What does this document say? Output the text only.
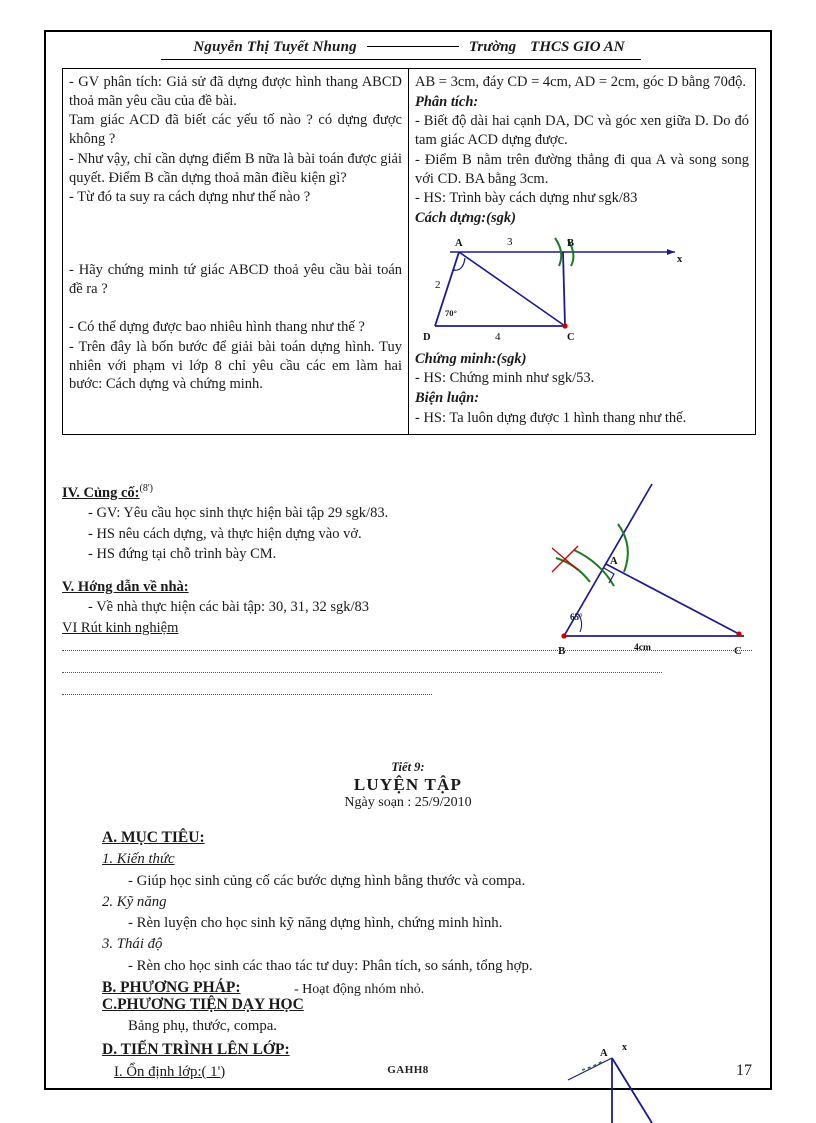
Nguyễn Thị Tuyết Nhung	Trường THCS GIO AN

- GV phân tích: Giả sử đã dựng được hình thang ABCD thoả mãn yêu cầu của đề bài.

Tam giác ACD đã biết các yếu tố nào ? có dựng được không ?

- Như vậy, chỉ cần dựng điểm B nữa là bài toán được giải quyết. Điểm B cần dựng thoả mãn điều kiện gì?

- Từ đó ta suy ra cách dựng như thế nào ?

- Hãy chứng minh tứ giác ABCD thoả yêu cầu bài toán đề ra ?

- Có thể dựng được bao nhiêu hình thang như thế ?

- Trên đây là bốn bước để giải bài toán dựng hình. Tuy nhiên với phạm vi lớp 8 chỉ yêu cầu các em làm hai bước: Cách dựng và chứng minh.

AB = 3cm, đáy CD = 4cm, AD = 2cm, góc D bằng 70độ.

Phân tích:

- Biết độ dài hai cạnh DA, DC và góc xen giữa D. Do đó tam giác ACD dựng được.

- Điểm B nằm trên đường thẳng đi qua A và song song với CD. BA bằng 3cm.

- HS: Trình bày cách dựng như sgk/83

Cách dựng:(sgk)

A	B
C
D
x
3
2
4
70°

Chứng minh:(sgk)

- HS: Chứng minh như sgk/53.

Biện luận:

- HS: Ta luôn dựng được 1 hình thang như thế.

IV. Củng cố:$^{(8')}$

- GV: Yêu cầu học sinh thực hiện bài tập 29 sgk/83.

- HS nêu cách dựng, và thực hiện dựng vào vở.

- HS đứng tại chỗ trình bày CM.

V. Hớng dẫn về nhà:

- Về nhà thực hiện các bài tập: 30, 31, 32 sgk/83

VI Rút kinh nghiệm

A
B	C
65°
4cm
Tiết 9:
LUYỆN TẬP
Ngày soạn : 25/9/2010

A. MỤC TIÊU:

1. Kiến thức

- Giúp học sinh củng cố các bước dựng hình bằng thước và compa.

2. Kỹ năng

- Rèn luyện cho học sinh kỹ năng dựng hình, chứng minh hình.

3. Thái độ

- Rèn cho học sinh các thao tác tư duy: Phân tích, so sánh, tổng hợp.

B. PHƯƠNG PHÁP:	- Hoạt động nhóm nhỏ.

C.PHƯƠNG TIỆN DẠY HỌC

Bảng phụ, thước, compa.

D. TIẾN TRÌNH LÊN LỚP:

I. Ổn định lớp:( 1')	GAHH8	17
A
x
